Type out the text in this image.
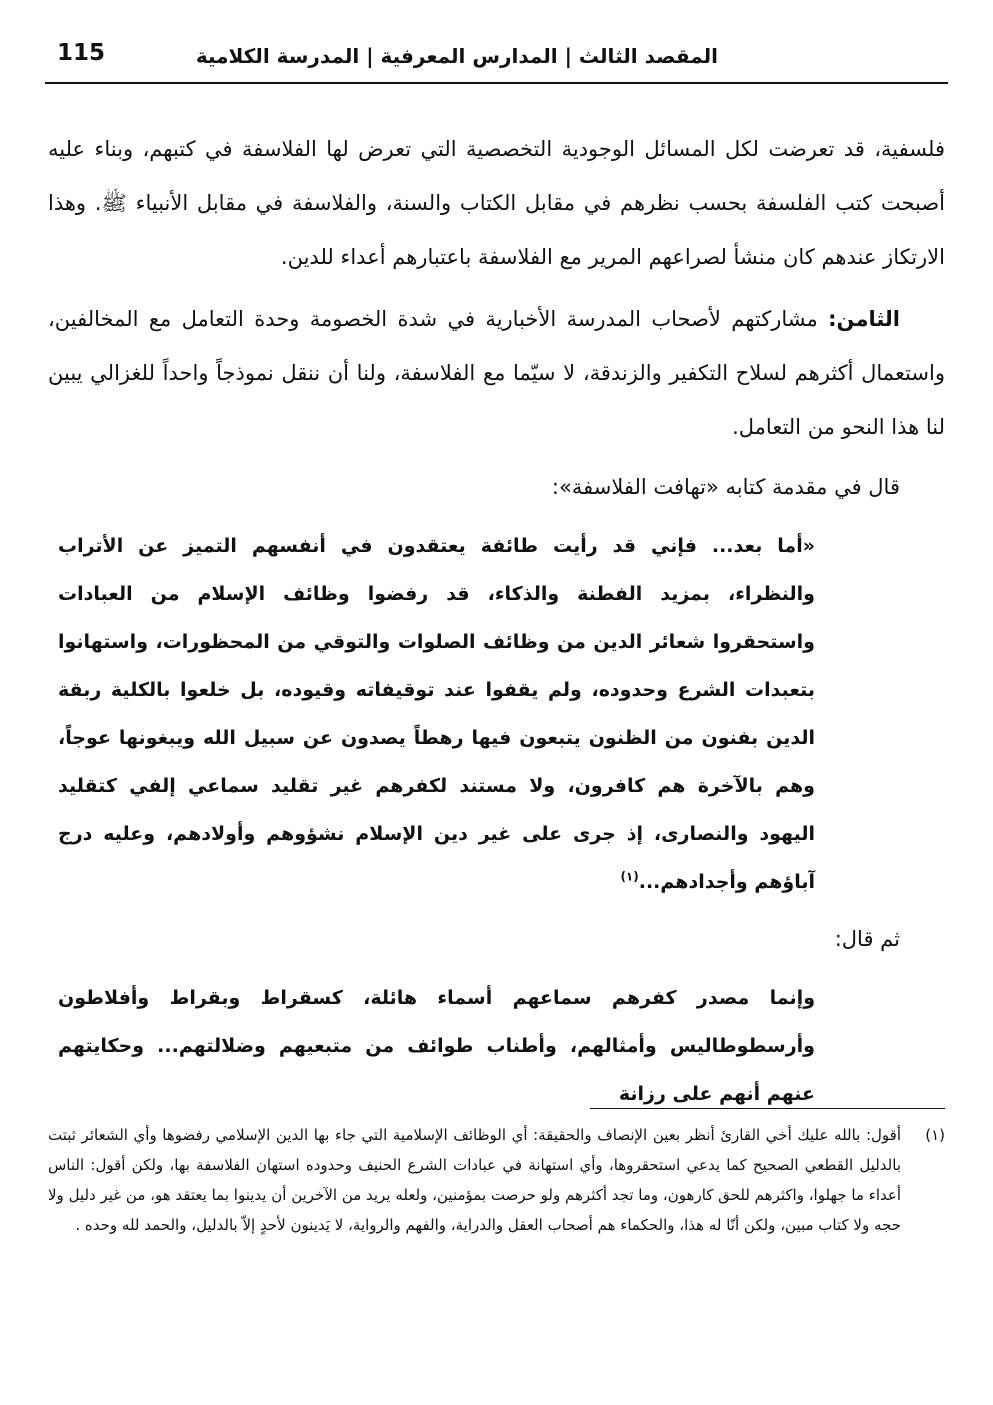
115	المقصد الثالث | المدارس المعرفية | المدرسة الكلامية

فلسفية، قد تعرضت لكل المسائل الوجودية التخصصية التي تعرض لها الفلاسفة في كتبهم، وبناء عليه أصبحت كتب الفلسفة بحسب نظرهم في مقابل الكتاب والسنة، والفلاسفة في مقابل الأنبياء ﷺ. وهذا الارتكاز عندهم كان منشأ لصراعهم المرير مع الفلاسفة باعتبارهم أعداء للدين.

الثامن: مشاركتهم لأصحاب المدرسة الأخبارية في شدة الخصومة وحدة التعامل مع المخالفين، واستعمال أكثرهم لسلاح التكفير والزندقة، لا سيّما مع الفلاسفة، ولنا أن ننقل نموذجاً واحداً للغزالي يبين لنا هذا النحو من التعامل.

قال في مقدمة كتابه «تهافت الفلاسفة»:

«أما بعد... فإني قد رأيت طائفة يعتقدون في أنفسهم التميز عن الأتراب والنظراء، بمزيد الفطنة والذكاء، قد رفضوا وظائف الإسلام من العبادات واستحقروا شعائر الدين من وظائف الصلوات والتوقي من المحظورات، واستهانوا بتعبدات الشرع وحدوده، ولم يقفوا عند توقيفاته وقيوده، بل خلعوا بالكلية ربقة الدين بفنون من الظنون يتبعون فيها رهطاً يصدون عن سبيل الله ويبغونها عوجاً، وهم بالآخرة هم كافرون، ولا مستند لكفرهم غير تقليد سماعي إلفي كتقليد اليهود والنصارى، إذ جرى على غير دين الإسلام نشؤوهم وأولادهم، وعليه درج آباؤهم وأجدادهم...$^{(١)}$

ثم قال:

وإنما مصدر كفرهم سماعهم أسماء هائلة، كسقراط وبقراط وأفلاطون وأرسطوطاليس وأمثالهم، وأطناب طوائف من متبعيهم وضلالتهم... وحكايتهم عنهم أنهم على رزانة

(١)
أقول: بالله عليك أخي القارئ أنظر بعين الإنصاف والحقيقة: أي الوظائف الإسلامية التي جاء بها الدين الإسلامي رفضوها وأي الشعائر ثبتت بالدليل القطعي الصحيح كما يدعي استحقروها، وأي استهانة في عبادات الشرع الحنيف وحدوده استهان الفلاسفة بها، ولكن أقول: الناس أعداء ما جهلوا، واكثرهم للحق كارهون، وما تجد أكثرهم ولو حرصت بمؤمنين، ولعله يريد من الآخرين أن يدينوا بما يعتقد هو، من غير دليل ولا حجه ولا كتاب مبين، ولكن أنّا له هذا، والحكماء هم أصحاب العقل والدراية، والفهم والرواية، لا يَدينون لأحدٍ إلاّ بالدليل، والحمد لله وحده .
